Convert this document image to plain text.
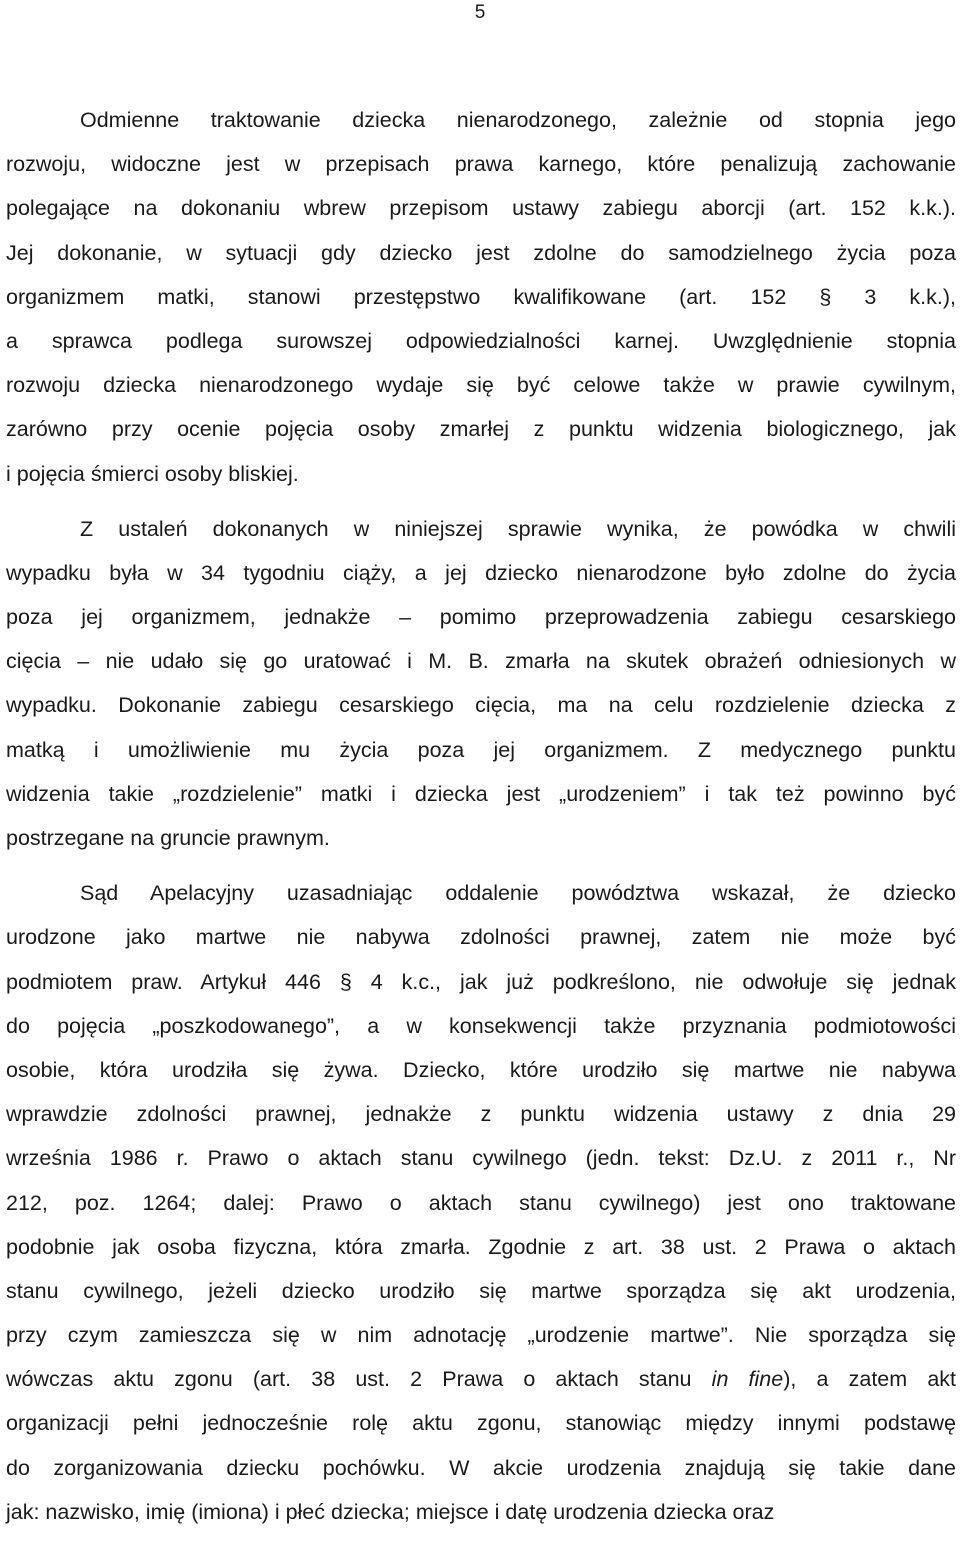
5
Odmienne traktowanie dziecka nienarodzonego, zależnie od stopnia jego
rozwoju, widoczne jest w przepisach prawa karnego, które penalizują zachowanie
polegające na dokonaniu wbrew przepisom ustawy zabiegu aborcji (art. 152 k.k.).
Jej dokonanie, w sytuacji gdy dziecko jest zdolne do samodzielnego życia poza
organizmem matki, stanowi przestępstwo kwalifikowane (art. 152 § 3 k.k.),
a sprawca podlega surowszej odpowiedzialności karnej. Uwzględnienie stopnia
rozwoju dziecka nienarodzonego wydaje się być celowe także w prawie cywilnym,
zarówno przy ocenie pojęcia osoby zmarłej z punktu widzenia biologicznego, jak
i pojęcia śmierci osoby bliskiej.
Z ustaleń dokonanych w niniejszej sprawie wynika, że powódka w chwili
wypadku była w 34 tygodniu ciąży, a jej dziecko nienarodzone było zdolne do życia
poza jej organizmem, jednakże – pomimo przeprowadzenia zabiegu cesarskiego
cięcia – nie udało się go uratować i M. B. zmarła na skutek obrażeń odniesionych w
wypadku. Dokonanie zabiegu cesarskiego cięcia, ma na celu rozdzielenie dziecka z
matką i umożliwienie mu życia poza jej organizmem. Z medycznego punktu
widzenia takie „rozdzielenie” matki i dziecka jest „urodzeniem” i tak też powinno być
postrzegane na gruncie prawnym.
Sąd Apelacyjny uzasadniając oddalenie powództwa wskazał, że dziecko
urodzone jako martwe nie nabywa zdolności prawnej, zatem nie może być
podmiotem praw. Artykuł 446 § 4 k.c., jak już podkreślono, nie odwołuje się jednak
do pojęcia „poszkodowanego”, a w konsekwencji także przyznania podmiotowości
osobie, która urodziła się żywa. Dziecko, które urodziło się martwe nie nabywa
wprawdzie zdolności prawnej, jednakże z punktu widzenia ustawy z dnia 29
września 1986 r. Prawo o aktach stanu cywilnego (jedn. tekst: Dz.U. z 2011 r., Nr
212, poz. 1264; dalej: Prawo o aktach stanu cywilnego) jest ono traktowane
podobnie jak osoba fizyczna, która zmarła. Zgodnie z art. 38 ust. 2 Prawa o aktach
stanu cywilnego, jeżeli dziecko urodziło się martwe sporządza się akt urodzenia,
przy czym zamieszcza się w nim adnotację „urodzenie martwe”. Nie sporządza się
wówczas aktu zgonu (art. 38 ust. 2 Prawa o aktach stanu in fine), a zatem akt
organizacji pełni jednocześnie rolę aktu zgonu, stanowiąc między innymi podstawę
do zorganizowania dziecku pochówku. W akcie urodzenia znajdują się takie dane
jak: nazwisko, imię (imiona) i płeć dziecka; miejsce i datę urodzenia dziecka oraz
